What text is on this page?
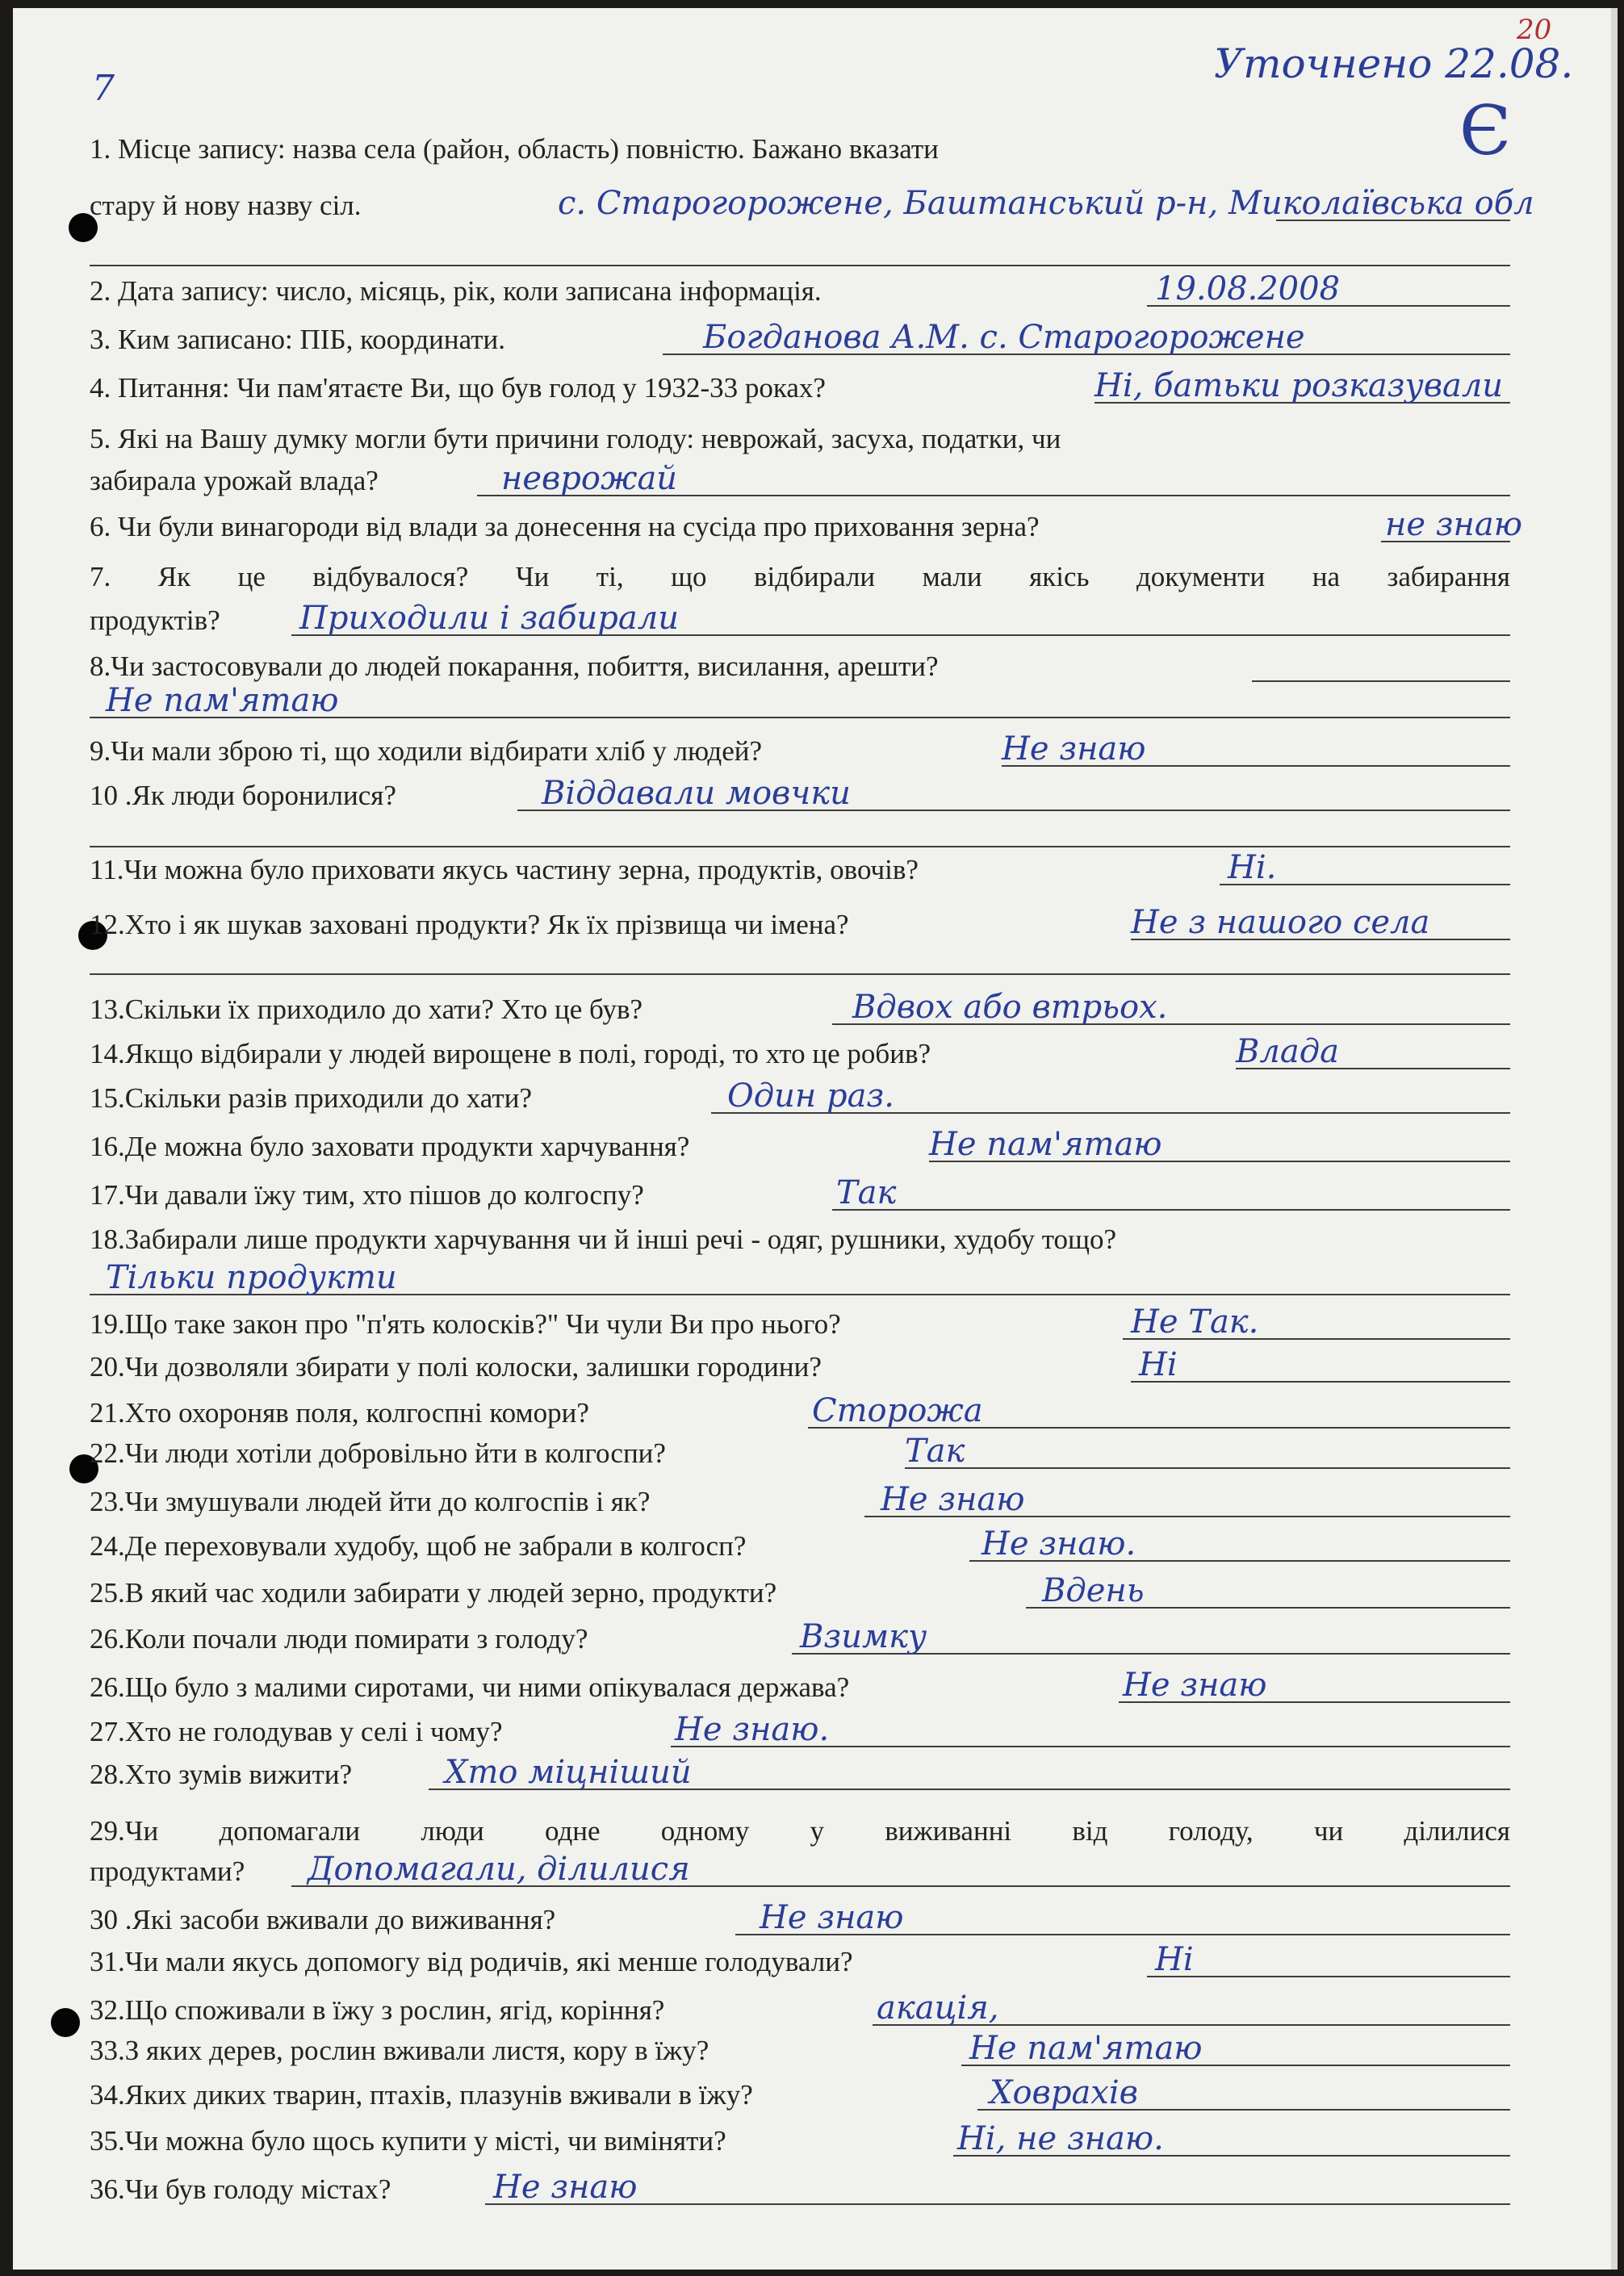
7
Уточнено 22.08.
20
Є
1. Місце запису: назва села (район, область) повністю. Бажано вказати
стару й нову назву сіл.	с. Старогорожене, Баштанський р-н, Миколаївська обл
2. Дата запису: число, місяць, рік, коли записана інформація.	19.08.2008
3. Ким записано: ПІБ, координати.	Богданова А.М. с. Старогорожене
4. Питання: Чи пам'ятаєте Ви, що був голод у 1932-33 роках?	Ні, батьки розказували
5. Які на Вашу думку могли бути причини голоду: неврожай, засуха, податки, чи
забирала урожай влада?	неврожай
6. Чи були винагороди від влади за донесення на сусіда про приховання зерна?	не знаю
7. Як це відбувалося? Чи ті, що відбирали мали якісь документи на забирання
продуктів? Приходили і забирали
8.Чи застосовували до людей покарання, побиття, висилання, арешти?
Не пам'ятаю
9.Чи мали зброю ті, що ходили відбирати хліб у людей?	Не знаю
10 .Як люди боронилися?	Віддавали мовчки
11.Чи можна було приховати якусь частину зерна, продуктів, овочів?	Ні.
12.Хто і як шукав заховані продукти? Як їх прізвища чи імена?	Не з нашого села
13.Скільки їх приходило до хати? Хто це був?	Вдвох або втрьох.
14.Якщо відбирали у людей вирощене в полі, городі, то хто це робив?	Влада
15.Скільки разів приходили до хати?	Один раз.
16.Де можна було заховати продукти харчування?	Не пам'ятаю
17.Чи давали їжу тим, хто пішов до колгоспу?	Так
18.Забирали лише продукти харчування чи й інші речі - одяг, рушники, худобу тощо?
Тільки продукти
19.Що таке закон про "п'ять колосків?" Чи чули Ви про нього?	Не Так.
20.Чи дозволяли збирати у полі колоски, залишки городини?	Ні
21.Хто охороняв поля, колгоспні комори?	Сторожа
22.Чи люди хотіли добровільно йти в колгоспи?	Так
23.Чи змушували людей йти до колгоспів і як?	Не знаю
24.Де переховували худобу, щоб не забрали в колгосп?	Не знаю.
25.В який час ходили забирати у людей зерно, продукти?	Вдень
26.Коли почали люди помирати з голоду?	Взимку
26.Що було з малими сиротами, чи ними опікувалася держава?	Не знаю
27.Хто не голодував у селі і чому?	Не знаю.
28.Хто зумів вижити?	Хто міцніший
29.Чи допомагали люди одне одному у виживанні від голоду, чи ділилися
продуктами? Допомагали, ділилися
30 .Які засоби вживали до виживання?	Не знаю
31.Чи мали якусь допомогу від родичів, які менше голодували?	Ні
32.Що споживали в їжу з рослин, ягід, коріння?	акація,
33.З яких дерев, рослин вживали листя, кору в їжу?	Не пам'ятаю
34.Яких диких тварин, птахів, плазунів вживали в їжу?	Ховрахів
35.Чи можна було щось купити у місті, чи виміняти?	Ні, не знаю.
36.Чи був голоду містах?	Не знаю
